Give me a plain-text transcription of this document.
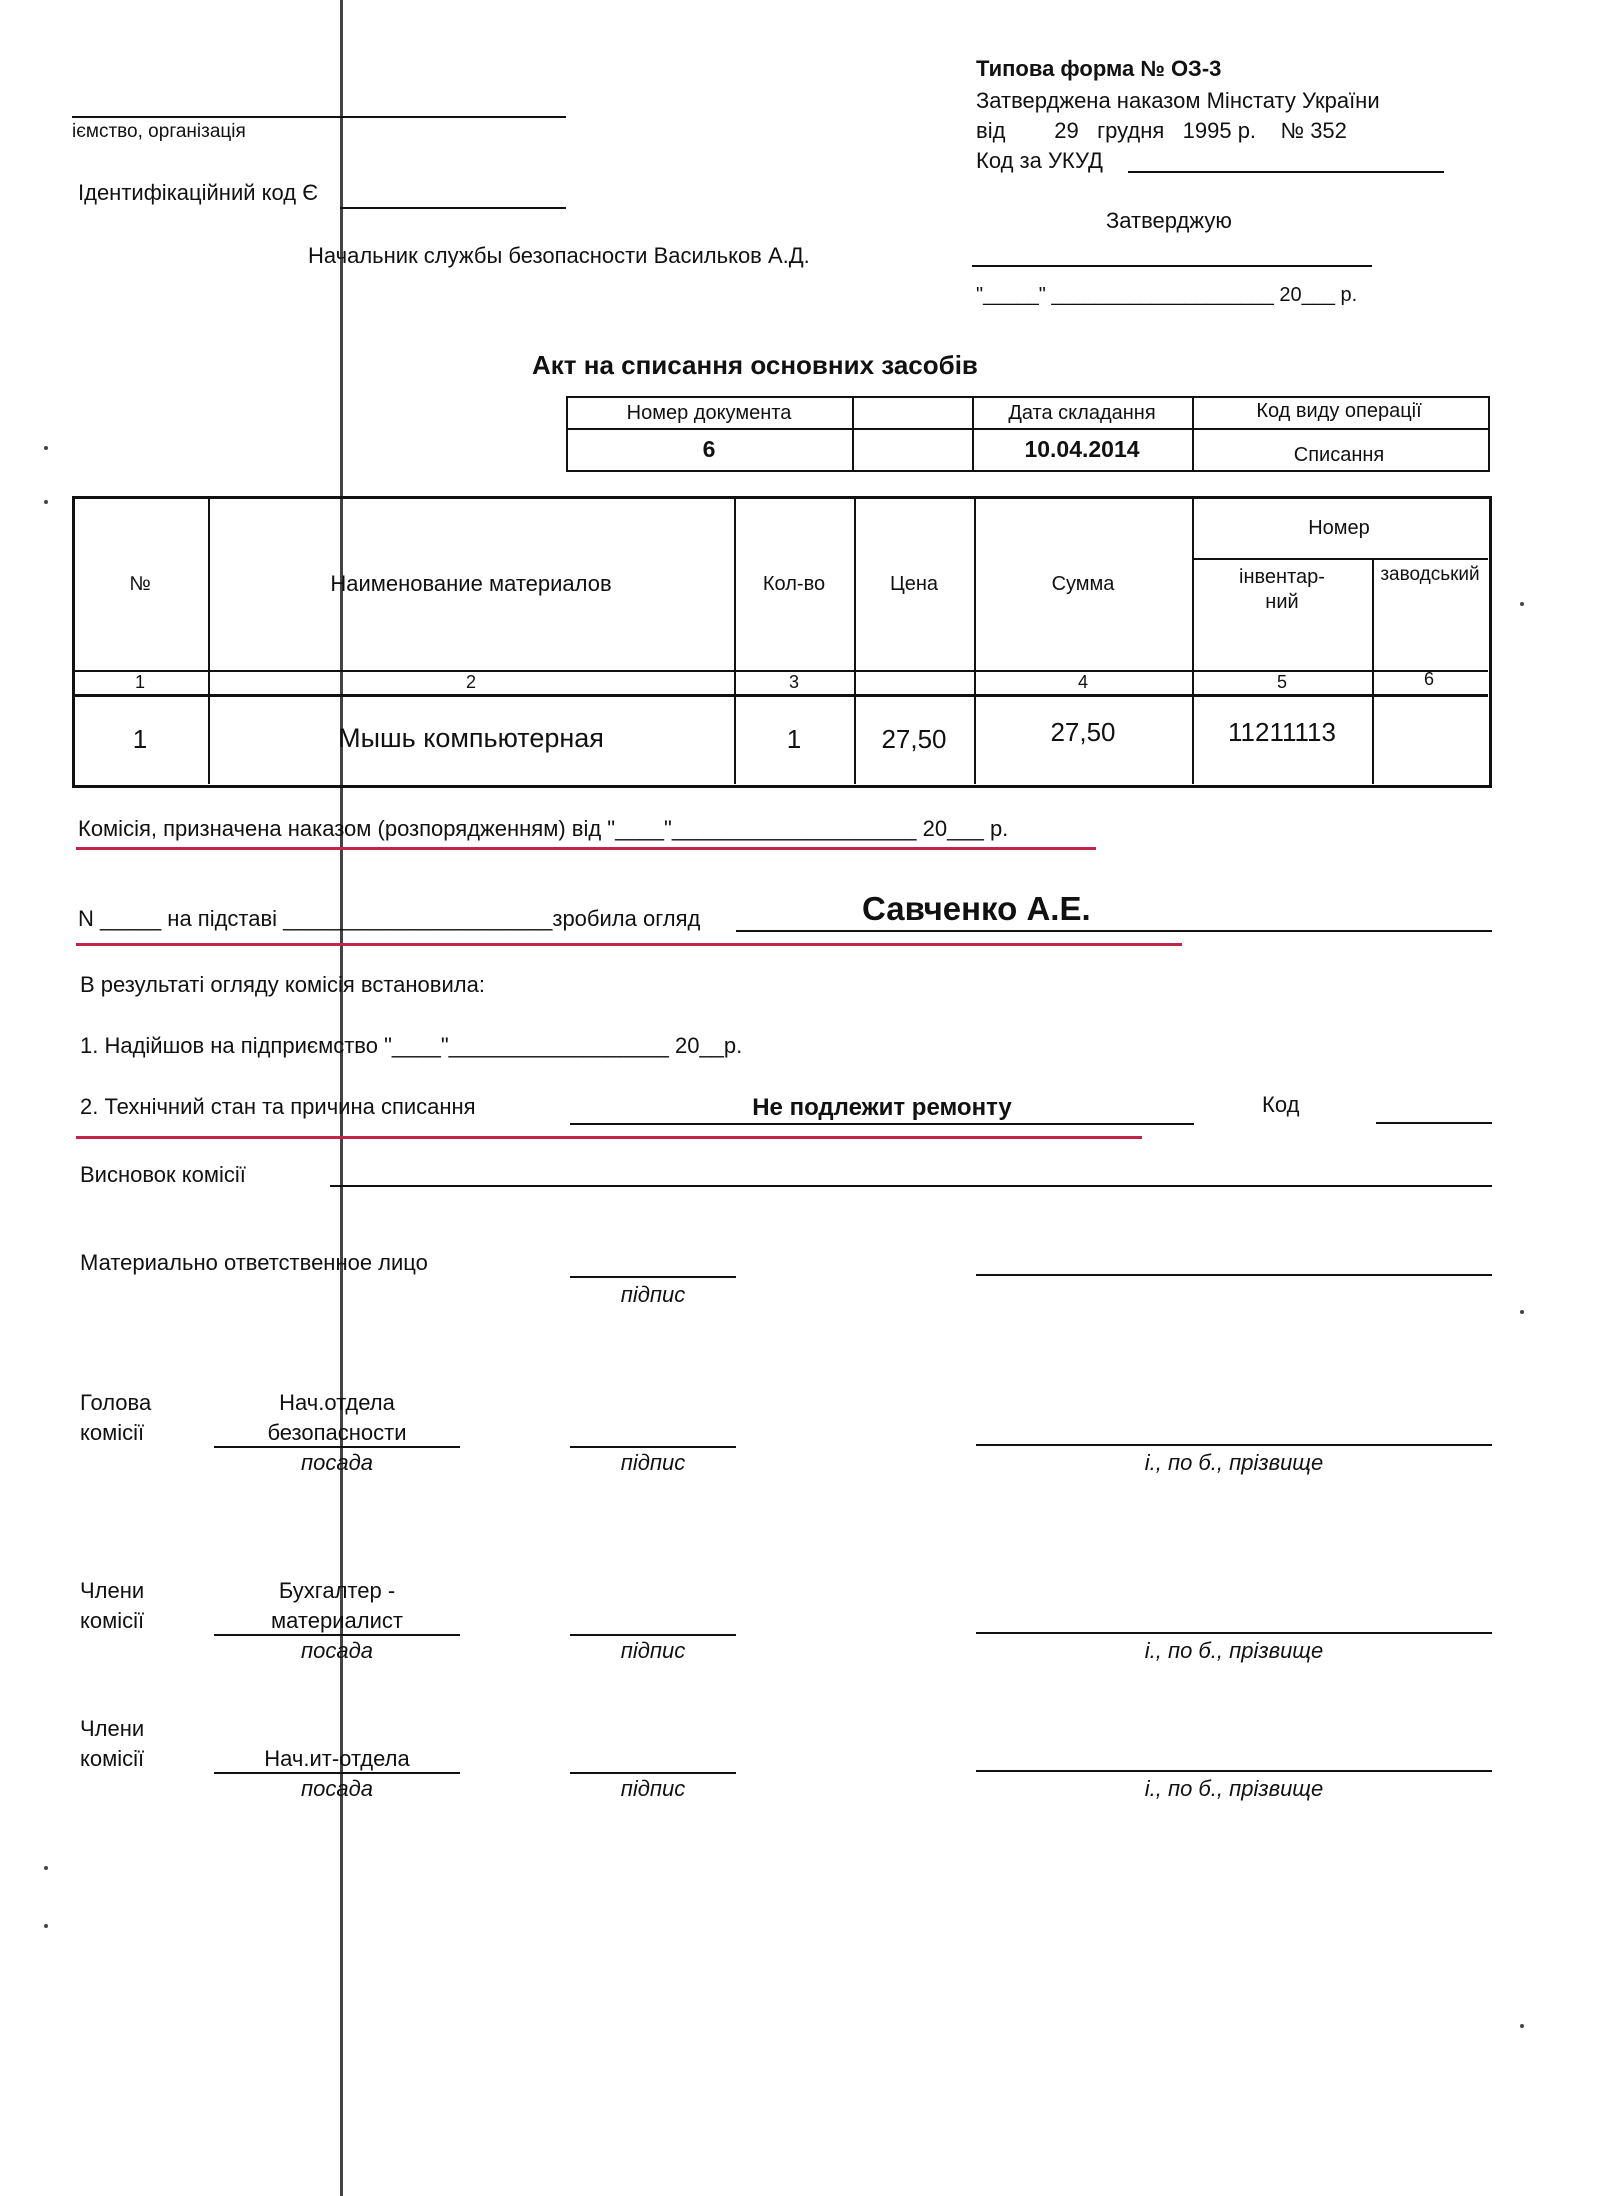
Типова форма № ОЗ-3
Затверджена наказом Мінстату України
від        29   грудня   1995 р.    № 352
Код за УКУД
іємство, організація
Ідентифікаційний код Є
Начальник службы безопасности Васильков А.Д.
Затверджую
"_____" ____________________ 20___ р.
Акт на списання основних засобів
Номер документа	Дата складання	Код виду операції
6	10.04.2014	Списання
№	Наименование материалов	Кол-во	Цена	Сумма
Номер
інвентар-
ний
заводський
1	2	3	4	5	6
1	Мышь компьютерная	1	27,50	27,50	11211113
Комісія, призначена наказом (розпорядженням) від "____"____________________ 20___ р.
N _____ на підставі ______________________зробила огляд	Савченко А.Е.
В результаті огляду комісія встановила:
1. Надійшов на підприємство "____"__________________ 20__р.
2. Технічний стан та причина списання	Не подлежит ремонту	Код
Висновок комісії
Материально ответственное лицо
підпис
Голова
комісії
Нач.отдела
безопасности
посада	підпис	і., по б., прізвище
Члени
комісії
Бухгалтер -
материалист
посада	підпис	і., по б., прізвище
Члени
комісії	Нач.ит-отдела
посада	підпис	і., по б., прізвище
